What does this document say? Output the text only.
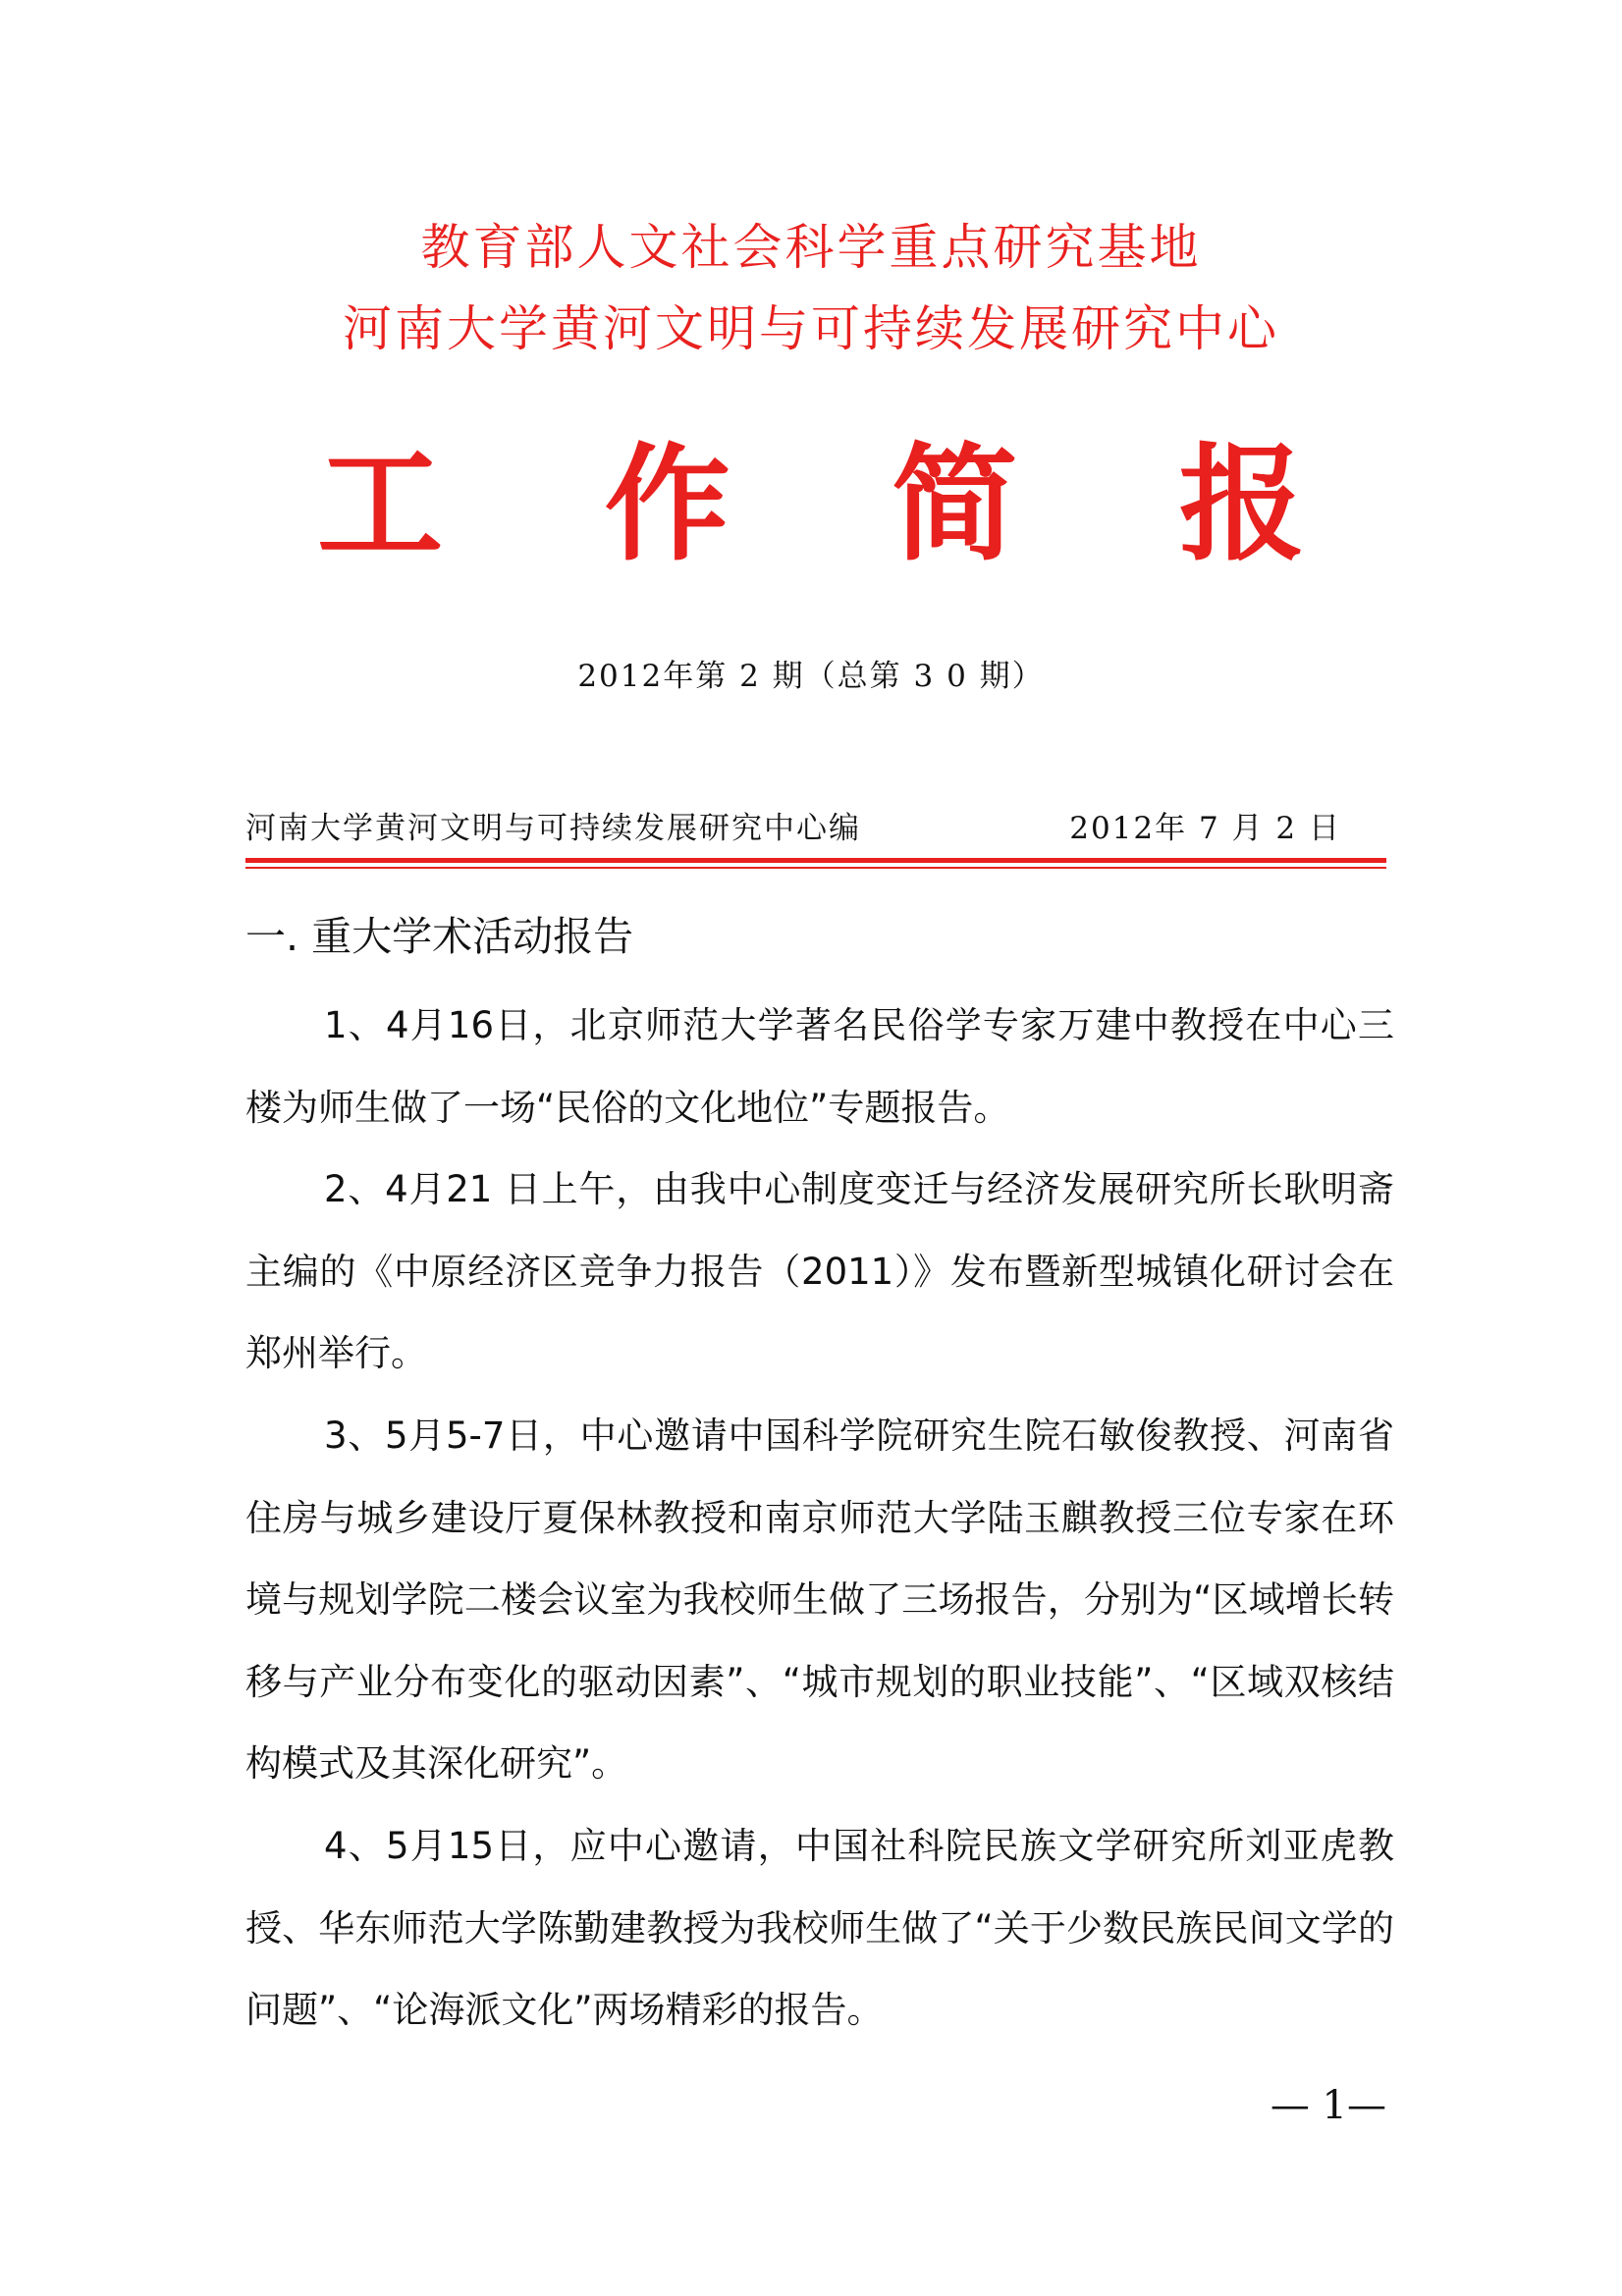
教育部人文社会科学重点研究基地
河南大学黄河文明与可持续发展研究中心
工 作 简 报
2012年第 2 期（总第 3 0 期）
河南大学黄河文明与可持续发展研究中心编	2012年 7 月 2 日
一. 重大学术活动报告

1、4月16日，北京师范大学著名民俗学专家万建中教授在中心三楼为师生做了一场“民俗的文化地位”专题报告。

2、4月21 日上午，由我中心制度变迁与经济发展研究所长耿明斋主编的《中原经济区竞争力报告（2011）》发布暨新型城镇化研讨会在郑州举行。

3、5月5-7日，中心邀请中国科学院研究生院石敏俊教授、河南省住房与城乡建设厅夏保林教授和南京师范大学陆玉麒教授三位专家在环境与规划学院二楼会议室为我校师生做了三场报告，分别为“区域增长转移与产业分布变化的驱动因素”、“城市规划的职业技能”、“区域双核结构模式及其深化研究”。

4、5月15日，应中心邀请，中国社科院民族文学研究所刘亚虎教授、华东师范大学陈勤建教授为我校师生做了“关于少数民族民间文学的问题”、“论海派文化”两场精彩的报告。

— 1—
